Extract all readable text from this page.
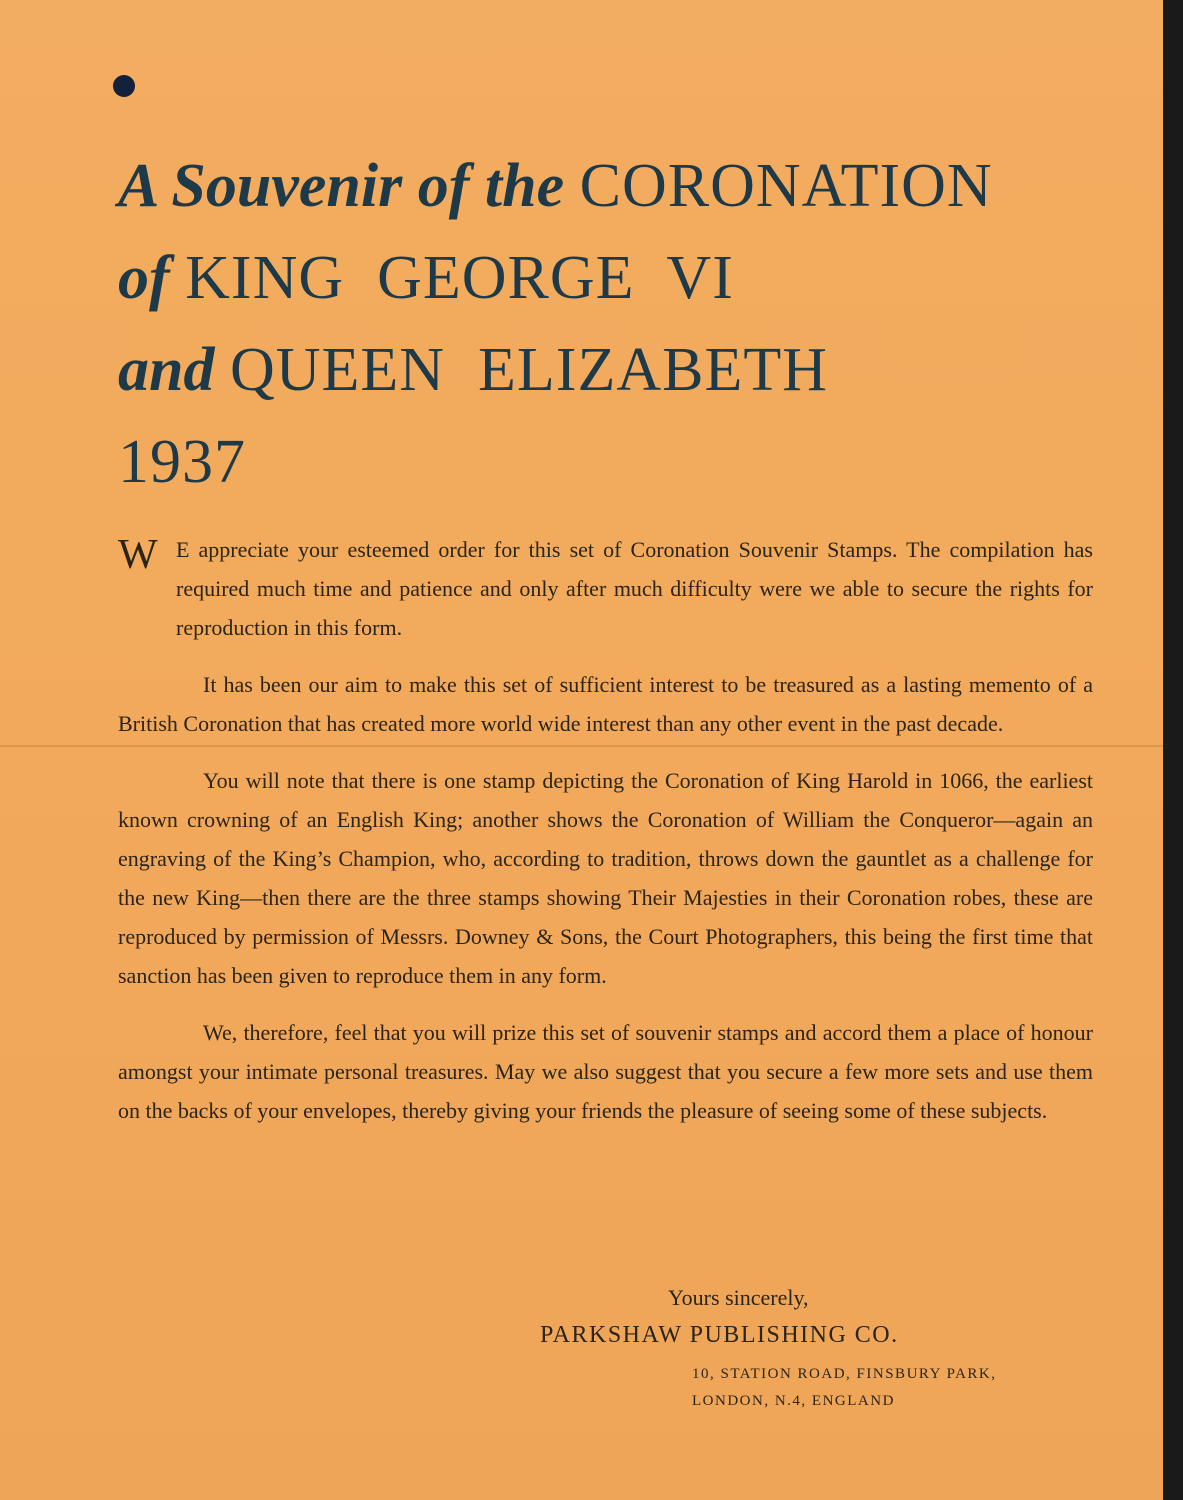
A Souvenir of the CORONATION
of KING  GEORGE  VI
and QUEEN  ELIZABETH
1937

W E appreciate your esteemed order for this set of Coronation Souvenir Stamps. The compilation has required much time and patience and only after much difficulty were we able to secure the rights for reproduction in this form.

It has been our aim to make this set of sufficient interest to be treasured as a lasting memento of a British Coronation that has created more world wide interest than any other event in the past decade.

You will note that there is one stamp depicting the Coronation of King Harold in 1066, the earliest known crowning of an English King; another shows the Coronation of William the Conqueror—again an engraving of the King’s Champion, who, according to tradition, throws down the gauntlet as a challenge for the new King—then there are the three stamps showing Their Majesties in their Coronation robes, these are reproduced by permission of Messrs. Downey & Sons, the Court Photographers, this being the first time that sanction has been given to reproduce them in any form.

We, therefore, feel that you will prize this set of souvenir stamps and accord them a place of honour amongst your intimate personal treasures. May we also suggest that you secure a few more sets and use them on the backs of your envelopes, thereby giving your friends the pleasure of seeing some of these subjects.

Yours sincerely,
PARKSHAW PUBLISHING CO.
10, STATION ROAD, FINSBURY PARK,
LONDON, N.4, ENGLAND
